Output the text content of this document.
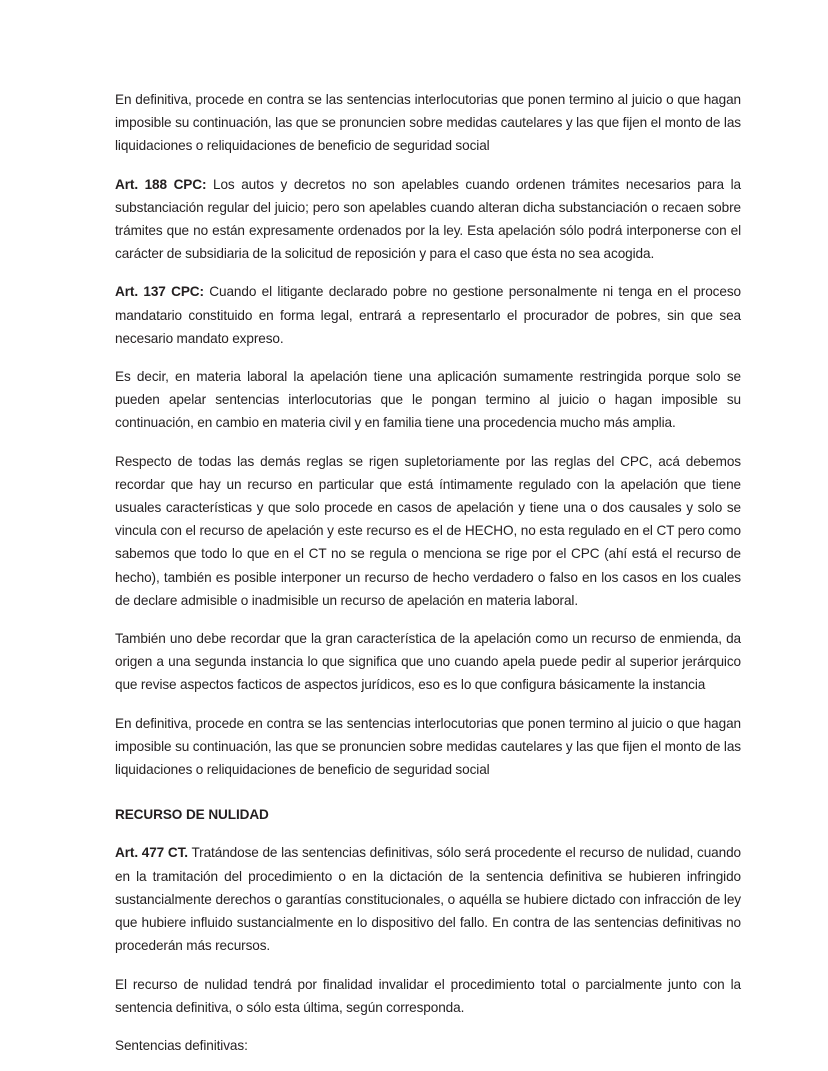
En definitiva, procede en contra se las sentencias interlocutorias que ponen termino al juicio o que hagan imposible su continuación, las que se pronuncien sobre medidas cautelares y las que fijen el monto de las liquidaciones o reliquidaciones de beneficio de seguridad social

Art. 188 CPC: Los autos y decretos no son apelables cuando ordenen trámites necesarios para la substanciación regular del juicio; pero son apelables cuando alteran dicha substanciación o recaen sobre trámites que no están expresamente ordenados por la ley. Esta apelación sólo podrá interponerse con el carácter de subsidiaria de la solicitud de reposición y para el caso que ésta no sea acogida.

Art. 137 CPC: Cuando el litigante declarado pobre no gestione personalmente ni tenga en el proceso mandatario constituido en forma legal, entrará a representarlo el procurador de pobres, sin que sea necesario mandato expreso.

Es decir, en materia laboral la apelación tiene una aplicación sumamente restringida porque solo se pueden apelar sentencias interlocutorias que le pongan termino al juicio o hagan imposible su continuación, en cambio en materia civil y en familia tiene una procedencia mucho más amplia.

Respecto de todas las demás reglas se rigen supletoriamente por las reglas del CPC, acá debemos recordar que hay un recurso en particular que está íntimamente regulado con la apelación que tiene usuales características y que solo procede en casos de apelación y tiene una o dos causales y solo se vincula con el recurso de apelación y este recurso es el de HECHO, no esta regulado en el CT pero como sabemos que todo lo que en el CT no se regula o menciona se rige por el CPC (ahí está el recurso de hecho), también es posible interponer un recurso de hecho verdadero o falso en los casos en los cuales de declare admisible o inadmisible un recurso de apelación en materia laboral.

También uno debe recordar que la gran característica de la apelación como un recurso de enmienda, da origen a una segunda instancia lo que significa que uno cuando apela puede pedir al superior jerárquico que revise aspectos facticos de aspectos jurídicos, eso es lo que configura básicamente la instancia

En definitiva, procede en contra se las sentencias interlocutorias que ponen termino al juicio o que hagan imposible su continuación, las que se pronuncien sobre medidas cautelares y las que fijen el monto de las liquidaciones o reliquidaciones de beneficio de seguridad social

RECURSO DE NULIDAD

Art. 477 CT. Tratándose de las sentencias definitivas, sólo será procedente el recurso de nulidad, cuando en la tramitación del procedimiento o en la dictación de la sentencia definitiva se hubieren infringido sustancialmente derechos o garantías constitucionales, o aquélla se hubiere dictado con infracción de ley que hubiere influido sustancialmente en lo dispositivo del fallo. En contra de las sentencias definitivas no procederán más recursos.

El recurso de nulidad tendrá por finalidad invalidar el procedimiento total o parcialmente junto con la sentencia definitiva, o sólo esta última, según corresponda.

Sentencias definitivas:
